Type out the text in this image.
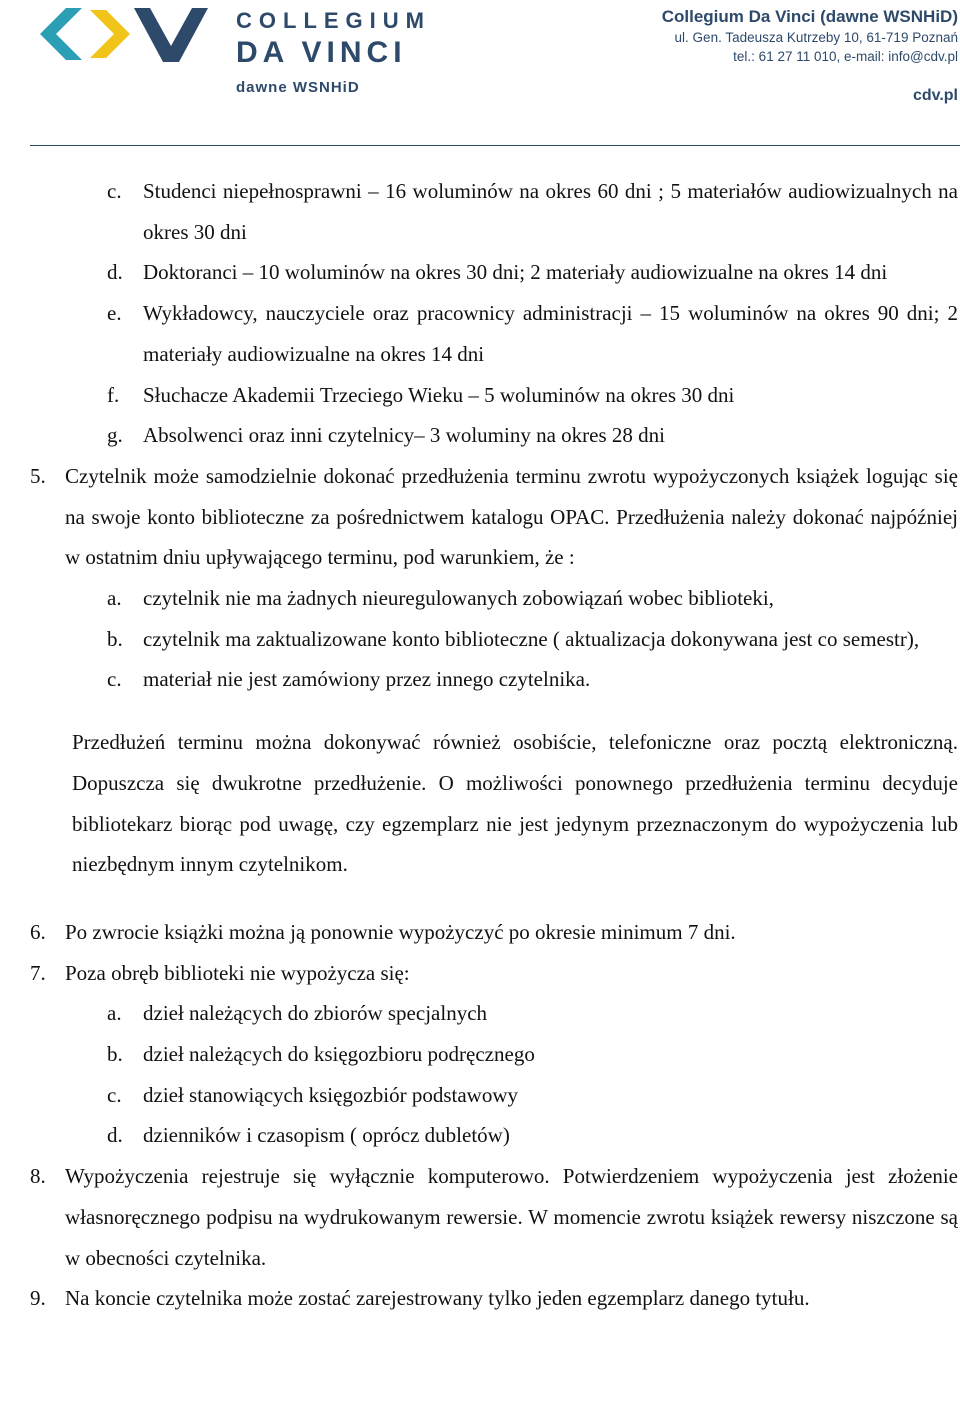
COLLEGIUM
DA VINCI
dawne WSNHiD
Collegium Da Vinci (dawne WSNHiD)
ul. Gen. Tadeusza Kutrzeby 10, 61-719 Poznań
tel.: 61 27 11 010, e-mail: info@cdv.pl
cdv.pl
c. Studenci niepełnosprawni – 16 woluminów na okres 60 dni ; 5 materiałów audiowizualnych na okres 30 dni
d. Doktoranci – 10 woluminów na okres 30 dni; 2 materiały audiowizualne na okres 14 dni
e. Wykładowcy, nauczyciele oraz pracownicy administracji – 15 woluminów na okres 90 dni; 2 materiały audiowizualne na okres 14 dni
f. Słuchacze Akademii Trzeciego Wieku – 5 woluminów na okres 30 dni
g. Absolwenci oraz inni czytelnicy– 3 woluminy na okres 28 dni
5. Czytelnik może samodzielnie dokonać przedłużenia terminu zwrotu wypożyczonych książek logując się na swoje konto biblioteczne za pośrednictwem katalogu OPAC. Przedłużenia należy dokonać najpóźniej w ostatnim dniu upływającego terminu, pod warunkiem, że :
a. czytelnik nie ma żadnych nieuregulowanych zobowiązań wobec biblioteki,
b. czytelnik ma zaktualizowane konto biblioteczne ( aktualizacja dokonywana jest co semestr),
c. materiał nie jest zamówiony przez innego czytelnika.
Przedłużeń terminu można dokonywać również osobiście, telefoniczne oraz pocztą elektroniczną. Dopuszcza się dwukrotne przedłużenie. O możliwości ponownego przedłużenia terminu decyduje bibliotekarz biorąc pod uwagę, czy egzemplarz nie jest jedynym przeznaczonym do wypożyczenia lub niezbędnym innym czytelnikom.
6. Po zwrocie książki można ją ponownie wypożyczyć po okresie minimum 7 dni.
7. Poza obręb biblioteki nie wypożycza się:
a. dzieł należących do zbiorów specjalnych
b. dzieł należących do księgozbioru podręcznego
c. dzieł stanowiących księgozbiór podstawowy
d. dzienników i czasopism ( oprócz dubletów)
8. Wypożyczenia rejestruje się wyłącznie komputerowo. Potwierdzeniem wypożyczenia jest złożenie własnoręcznego podpisu na wydrukowanym rewersie. W momencie zwrotu książek rewersy niszczone są w obecności czytelnika.
9. Na koncie czytelnika może zostać zarejestrowany tylko jeden egzemplarz danego tytułu.
